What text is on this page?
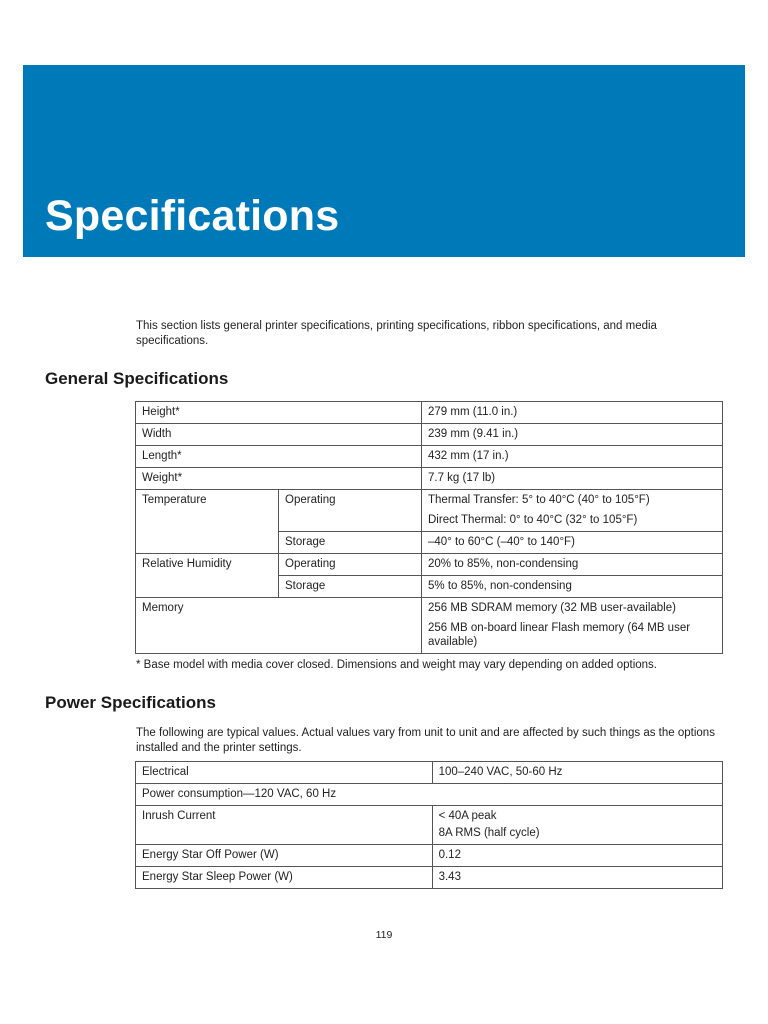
Specifications

This section lists general printer specifications, printing specifications, ribbon specifications, and media specifications.

General Specifications
Height*		279 mm (11.0 in.)
Width		239 mm (9.41 in.)
Length*		432 mm (17 in.)
Weight*		7.7 kg (17 lb)
Temperature	Operating	Thermal Transfer: 5° to 40°C (40° to 105°F)
Direct Thermal: 0° to 40°C (32° to 105°F)

	Storage	–40° to 60°C (–40° to 140°F)
Relative Humidity	Operating	20% to 85%, non-condensing
	Storage	5% to 85%, non-condensing
Memory		256 MB SDRAM memory (32 MB user-available)
256 MB on-board linear Flash memory (64 MB user available)

* Base model with media cover closed. Dimensions and weight may vary depending on added options.

Power Specifications

The following are typical values. Actual values vary from unit to unit and are affected by such things as the options installed and the printer settings.

Electrical	100–240 VAC, 50-60 Hz
Power consumption—120 VAC, 60 Hz	
Inrush Current	< 40A peak
8A RMS (half cycle)

Energy Star Off Power (W)	0.12
Energy Star Sleep Power (W)	3.43

119
